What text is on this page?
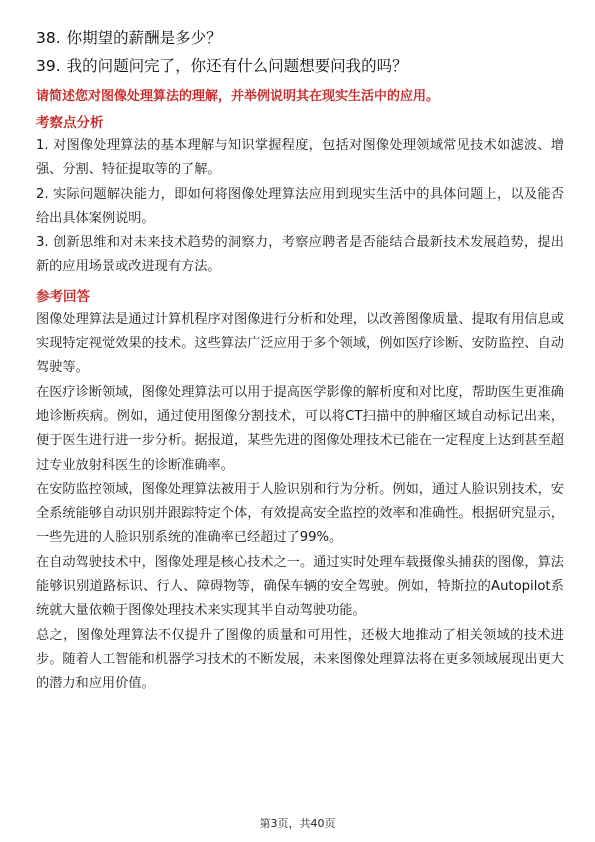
38. 你期望的薪酬是多少？
39. 我的问题问完了，你还有什么问题想要问我的吗？
请简述您对图像处理算法的理解，并举例说明其在现实生活中的应用。
考察点分析
1. 对图像处理算法的基本理解与知识掌握程度，包括对图像处理领域常见技术如滤波、增强、分割、特征提取等的了解。
2. 实际问题解决能力，即如何将图像处理算法应用到现实生活中的具体问题上，以及能否给出具体案例说明。
3. 创新思维和对未来技术趋势的洞察力，考察应聘者是否能结合最新技术发展趋势，提出新的应用场景或改进现有方法。
参考回答
图像处理算法是通过计算机程序对图像进行分析和处理，以改善图像质量、提取有用信息或实现特定视觉效果的技术。这些算法广泛应用于多个领域，例如医疗诊断、安防监控、自动驾驶等。
在医疗诊断领域，图像处理算法可以用于提高医学影像的解析度和对比度，帮助医生更准确地诊断疾病。例如，通过使用图像分割技术，可以将CT扫描中的肿瘤区域自动标记出来，便于医生进行进一步分析。据报道，某些先进的图像处理技术已能在一定程度上达到甚至超过专业放射科医生的诊断准确率。
在安防监控领域，图像处理算法被用于人脸识别和行为分析。例如，通过人脸识别技术，安全系统能够自动识别并跟踪特定个体，有效提高安全监控的效率和准确性。根据研究显示，一些先进的人脸识别系统的准确率已经超过了99%。
在自动驾驶技术中，图像处理是核心技术之一。通过实时处理车载摄像头捕获的图像，算法能够识别道路标识、行人、障碍物等，确保车辆的安全驾驶。例如，特斯拉的Autopilot系统就大量依赖于图像处理技术来实现其半自动驾驶功能。
总之，图像处理算法不仅提升了图像的质量和可用性，还极大地推动了相关领域的技术进步。随着人工智能和机器学习技术的不断发展，未来图像处理算法将在更多领域展现出更大的潜力和应用价值。
第3页，共40页
